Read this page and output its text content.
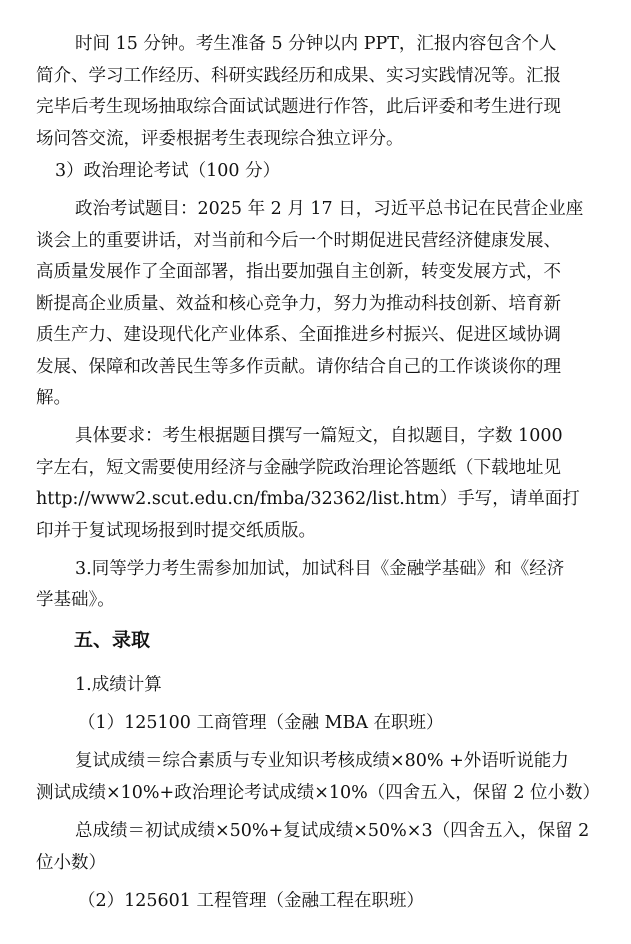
时间 15 分钟。考生准备 5 分钟以内 PPT，汇报内容包含个人
简介、学习工作经历、科研实践经历和成果、实习实践情况等。汇报
完毕后考生现场抽取综合面试试题进行作答，此后评委和考生进行现
场问答交流，评委根据考生表现综合独立评分。
3）政治理论考试（100 分）
政治考试题目：2025 年 2 月 17 日，习近平总书记在民营企业座
谈会上的重要讲话，对当前和今后一个时期促进民营经济健康发展、
高质量发展作了全面部署，指出要加强自主创新，转变发展方式，不
断提高企业质量、效益和核心竞争力，努力为推动科技创新、培育新
质生产力、建设现代化产业体系、全面推进乡村振兴、促进区域协调
发展、保障和改善民生等多作贡献。请你结合自己的工作谈谈你的理
解。
具体要求：考生根据题目撰写一篇短文，自拟题目，字数 1000
字左右，短文需要使用经济与金融学院政治理论答题纸（下载地址见
http://www2.scut.edu.cn/fmba/32362/list.htm）手写，请单面打
印并于复试现场报到时提交纸质版。
3.同等学力考生需参加加试，加试科目《金融学基础》和《经济
学基础》。
五、录取
1.成绩计算
（1）125100 工商管理（金融 MBA 在职班）
复试成绩＝综合素质与专业知识考核成绩×80% +外语听说能力
测试成绩×10%+政治理论考试成绩×10%（四舍五入，保留 2 位小数）
总成绩＝初试成绩×50%+复试成绩×50%×3（四舍五入，保留 2
位小数）
（2）125601 工程管理（金融工程在职班）
